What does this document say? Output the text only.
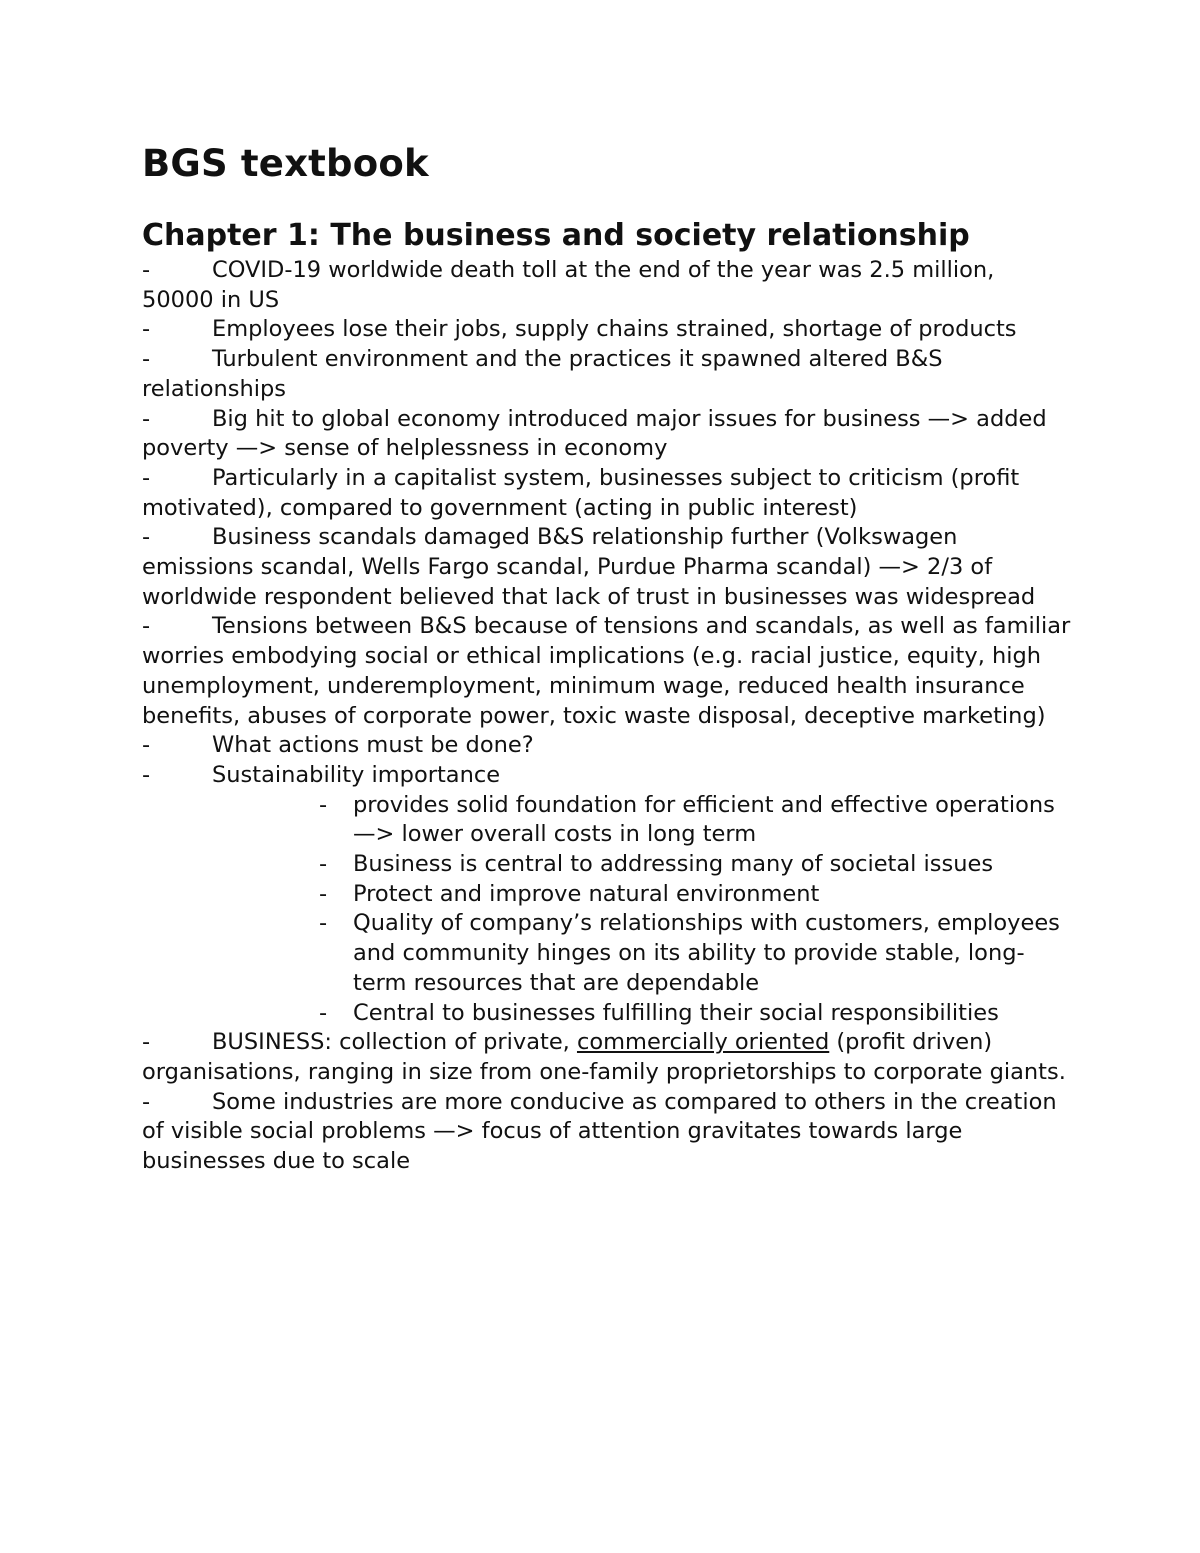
BGS textbook
Chapter 1: The business and society relationship
-	COVID-19 worldwide death toll at the end of the year was 2.5 million, 50000 in US
-	Employees lose their jobs, supply chains strained, shortage of products
-	Turbulent environment and the practices it spawned altered B&S relationships
-	Big hit to global economy introduced major issues for business —> added poverty —> sense of helplessness in economy
-	Particularly in a capitalist system, businesses subject to criticism (profit motivated), compared to government (acting in public interest)
-	Business scandals damaged B&S relationship further (Volkswagen emissions scandal, Wells Fargo scandal, Purdue Pharma scandal) —> 2/3 of worldwide respondent believed that lack of trust in businesses was widespread
-	Tensions between B&S because of tensions and scandals, as well as familiar worries embodying social or ethical implications (e.g. racial justice, equity, high unemployment, underemployment, minimum wage, reduced health insurance benefits, abuses of corporate power, toxic waste disposal, deceptive marketing)
-	What actions must be done?
-	Sustainability importance
- provides solid foundation for efficient and effective operations —> lower overall costs in long term
- Business is central to addressing many of societal issues
- Protect and improve natural environment
- Quality of company’s relationships with customers, employees and community hinges on its ability to provide stable, long-term resources that are dependable
- Central to businesses fulfilling their social responsibilities
-	BUSINESS: collection of private, commercially oriented (profit driven) organisations, ranging in size from one-family proprietorships to corporate giants.
-	Some industries are more conducive as compared to others in the creation of visible social problems —> focus of attention gravitates towards large businesses due to scale
